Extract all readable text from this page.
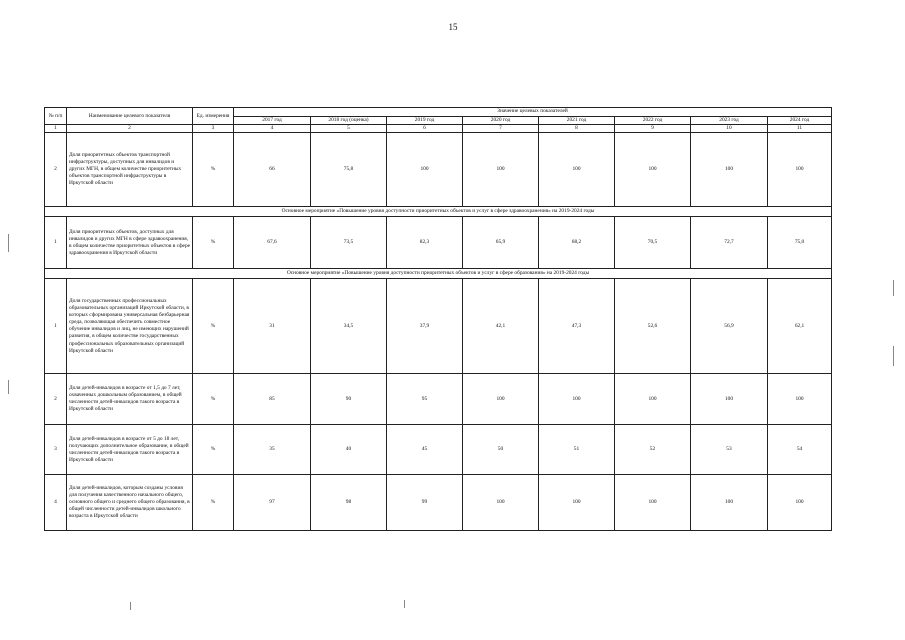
15
№ п/п	Наименование целевого показателя	Ед. измерения	Значение целевых показателей							
			2017 год	2018 год (оценка)	2019 год	2020 год	2021 год	2022 год	2023 год	2024 год
1	2	3	4	5	6	7	8	9	10	11
2	Доля приоритетных объектов транспортной инфраструктуры, доступных для инвалидов и других МГН, в общем количестве приоритетных объектов транспортной инфраструктуры в Иркутской области	%	66	75,8	100	100	100	100	100	100
Основное мероприятие «Повышение уровня доступности приоритетных объектов и услуг в сфере здравоохранения» на 2019-2024 годы										
1	Доля приоритетных объектов, доступных для инвалидов и других МГН в сфере здравоохранения, в общем количестве приоритетных объектов в сфере здравоохранения в Иркутской области	%	67,6	73,5	82,3	65,9	68,2	70,5	72,7	75,0
Основное мероприятие «Повышение уровня доступности приоритетных объектов и услуг в сфере образования» на 2019-2024 годы										
1	Доля государственных профессиональных образовательных организаций Иркутской области, в которых сформирована универсальная безбарьерная среда, позволяющая обеспечить совместное обучение инвалидов и лиц, не имеющих нарушений развития, в общем количестве государственных профессиональных образовательных организаций Иркутской области	%	31	34,5	37,9	42,1	47,3	52,6	56,9	62,1
2	Доля детей-инвалидов в возрасте от 1,5 до 7 лет, охваченных дошкольным образованием, в общей численности детей-инвалидов такого возраста в Иркутской области	%	85	90	95	100	100	100	100	100
3	Доля детей-инвалидов в возрасте от 5 до 18 лет, получающих дополнительное образование, в общей численности детей-инвалидов такого возраста в Иркутской области	%	35	40	45	50	51	52	53	54
4	Доля детей-инвалидов, которым созданы условия для получения качественного начального общего, основного общего и среднего общего образования, в общей численности детей-инвалидов школьного возраста в Иркутской области	%	97	98	99	100	100	100	100	100
